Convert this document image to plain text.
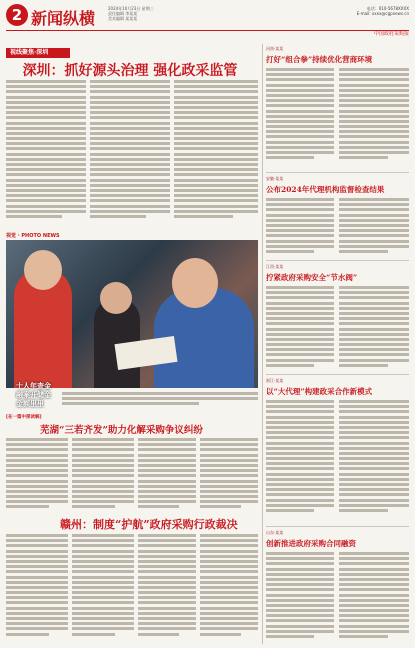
2 新闻纵横
2024年10月23日 星期三
责任编辑 李某某
美术编辑 某某某
电话：010-5678XXXX
E-mail: xxxx@cgpnews.cn
中国政府采购报
视线聚焦·深圳
深圳：抓好源头治理 强化政采监管
视觉 · PHOTO NEWS
十人年查金融案开储金金额里里
[在一篇中探读解]
芜湖“三若齐发”助力化解采购争议纠纷
赣州：制度“护航”政府采购行政裁决
河南·某某
打好“组合拳”持续优化营商环境
安徽·某某
公布2024年代理机构监督检查结果
江西·某某
拧紧政府采购安全“节水阀”
浙江·某某
以“大代理”构建政采合作新模式
山东·某某
创新推进政府采购合同融资
